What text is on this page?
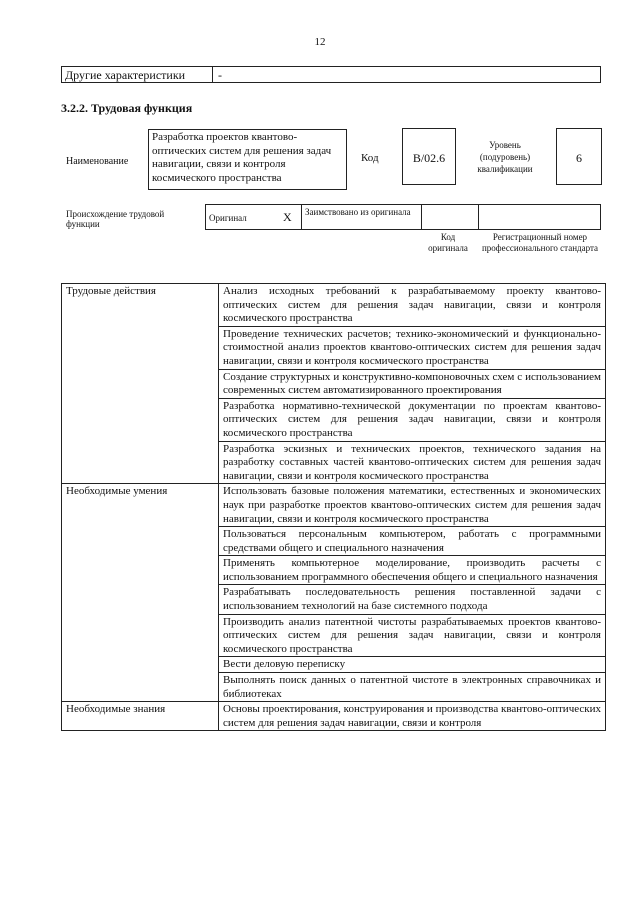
12
Другие характеристики	-
3.2.2. Трудовая функция
Наименование
Разработка проектов квантово-оптических систем для решения задач навигации, связи и контроля космического пространства
Код	B/02.6
Уровень (подуровень) квалификации
6
Происхождение трудовой функции
Оригинал	X Заимствовано из оригинала
Код оригинала
Регистрационный номер профессионального стандарта
Трудовые действия	Анализ исходных требований к разрабатываемому проекту квантово-оптических систем для решения задач навигации, связи и контроля космического пространства
	Проведение технических расчетов; технико-экономический и функционально-стоимостной анализ проектов квантово-оптических систем для решения задач навигации, связи и контроля космического пространства
	Создание структурных и конструктивно-компоновочных схем с использованием современных систем автоматизированного проектирования
	Разработка нормативно-технической документации по проектам квантово-оптических систем для решения задач навигации, связи и контроля космического пространства
	Разработка эскизных и технических проектов, технического задания на разработку составных частей квантово-оптических систем для решения задач навигации, связи и контроля космического пространства
Необходимые умения	Использовать базовые положения математики, естественных и экономических наук при разработке проектов квантово-оптических систем для решения задач навигации, связи и контроля космического пространства
	Пользоваться персональным компьютером, работать с программными средствами общего и специального назначения
	Применять компьютерное моделирование, производить расчеты с использованием программного обеспечения общего и специального назначения
	Разрабатывать последовательность решения поставленной задачи с использованием технологий на базе системного подхода
	Производить анализ патентной чистоты разрабатываемых проектов квантово-оптических систем для решения задач навигации, связи и контроля космического пространства
	Вести деловую переписку
	Выполнять поиск данных о патентной чистоте в электронных справочниках и библиотеках
Необходимые знания	Основы проектирования, конструирования и производства квантово-оптических систем для решения задач навигации, связи и контроля
